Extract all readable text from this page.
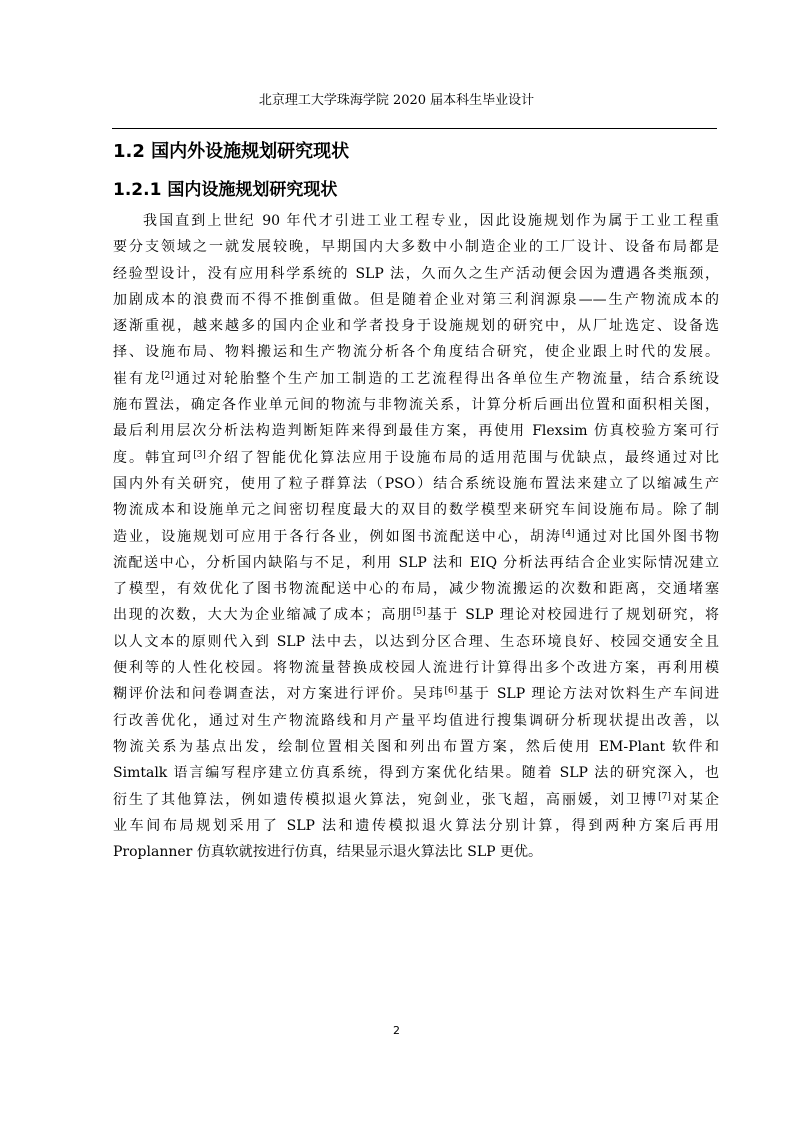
北京理工大学珠海学院 2020 届本科生毕业设计
1.2 国内外设施规划研究现状
1.2.1 国内设施规划研究现状
我国直到上世纪 90 年代才引进工业工程专业，因此设施规划作为属于工业工程重
要分支领域之一就发展较晚，早期国内大多数中小制造企业的工厂设计、设备布局都是
经验型设计，没有应用科学系统的 SLP 法，久而久之生产活动便会因为遭遇各类瓶颈，
加剧成本的浪费而不得不推倒重做。但是随着企业对第三利润源泉——生产物流成本的
逐渐重视，越来越多的国内企业和学者投身于设施规划的研究中，从厂址选定、设备选
择、设施布局、物料搬运和生产物流分析各个角度结合研究，使企业跟上时代的发展。
崔有龙[2]通过对轮胎整个生产加工制造的工艺流程得出各单位生产物流量，结合系统设
施布置法，确定各作业单元间的物流与非物流关系，计算分析后画出位置和面积相关图，
最后利用层次分析法构造判断矩阵来得到最佳方案，再使用 Flexsim 仿真校验方案可行
度。韩宜珂[3]介绍了智能优化算法应用于设施布局的适用范围与优缺点，最终通过对比
国内外有关研究，使用了粒子群算法（PSO）结合系统设施布置法来建立了以缩减生产
物流成本和设施单元之间密切程度最大的双目的数学模型来研究车间设施布局。除了制
造业，设施规划可应用于各行各业，例如图书流配送中心，胡涛[4]通过对比国外图书物
流配送中心，分析国内缺陷与不足，利用 SLP 法和 EIQ 分析法再结合企业实际情况建立
了模型，有效优化了图书物流配送中心的布局，减少物流搬运的次数和距离，交通堵塞
出现的次数，大大为企业缩减了成本；高朋[5]基于 SLP 理论对校园进行了规划研究，将
以人文本的原则代入到 SLP 法中去，以达到分区合理、生态环境良好、校园交通安全且
便利等的人性化校园。将物流量替换成校园人流进行计算得出多个改进方案，再利用模
糊评价法和问卷调查法，对方案进行评价。吴玮[6]基于 SLP 理论方法对饮料生产车间进
行改善优化，通过对生产物流路线和月产量平均值进行搜集调研分析现状提出改善，以
物流关系为基点出发，绘制位置相关图和列出布置方案，然后使用 EM-Plant 软件和
Simtalk 语言编写程序建立仿真系统，得到方案优化结果。随着 SLP 法的研究深入，也
衍生了其他算法，例如遗传模拟退火算法，宛剑业，张飞超，高丽媛，刘卫博[7]对某企
业车间布局规划采用了 SLP 法和遗传模拟退火算法分别计算，得到两种方案后再用
Proplanner 仿真软就按进行仿真，结果显示退火算法比 SLP 更优。
2
